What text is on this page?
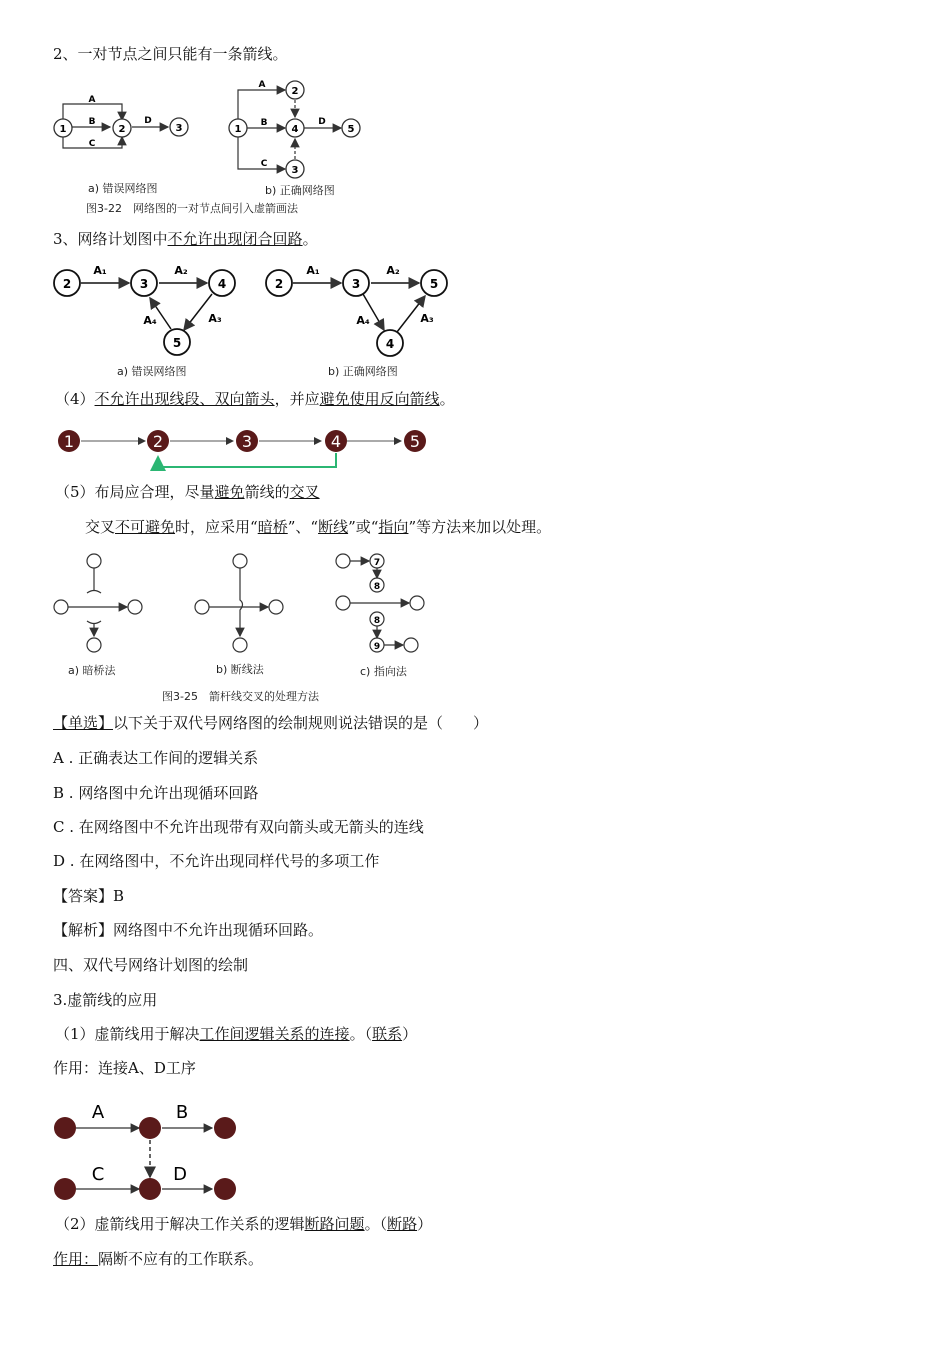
2、一对节点之间只能有一条箭线。
1	2	3
A
B
C
D
1
2
4
3
5
A
B
C
D
a) 错误网络图	b) 正确网络图
图3-22　网络图的一对节点间引入虚箭画法
3、网络计划图中不允许出现闭合回路。
2	3	4
5
A₁	A₂
A₃
A₄
2	3	5
4
A₁	A₂
A₃
A₄
a) 错误网络图	b) 正确网络图
（4）不允许出现线段、双向箭头，并应避免使用反向箭线。
1	2	3	4	5
（5）布局应合理，尽量避免箭线的交叉
交叉不可避免时，应采用“暗桥”、“断线”或“指向”等方法来加以处理。
7
8
8
9
a) 暗桥法	b) 断线法	c) 指向法
图3-25　箭杆线交叉的处理方法
【单选】以下关于双代号网络图的绘制规则说法错误的是（　　）
A . 正确表达工作间的逻辑关系
B . 网络图中允许出现循环回路
C . 在网络图中不允许出现带有双向箭头或无箭头的连线
D . 在网络图中，不允许出现同样代号的多项工作
【答案】B
【解析】网络图中不允许出现循环回路。
四、双代号网络计划图的绘制
3.虚箭线的应用
（1）虚箭线用于解决工作间逻辑关系的连接。（联系）
作用：连接A、D工序
A	B
C	D
（2）虚箭线用于解决工作关系的逻辑断路问题。（断路）
作用：隔断不应有的工作联系。
